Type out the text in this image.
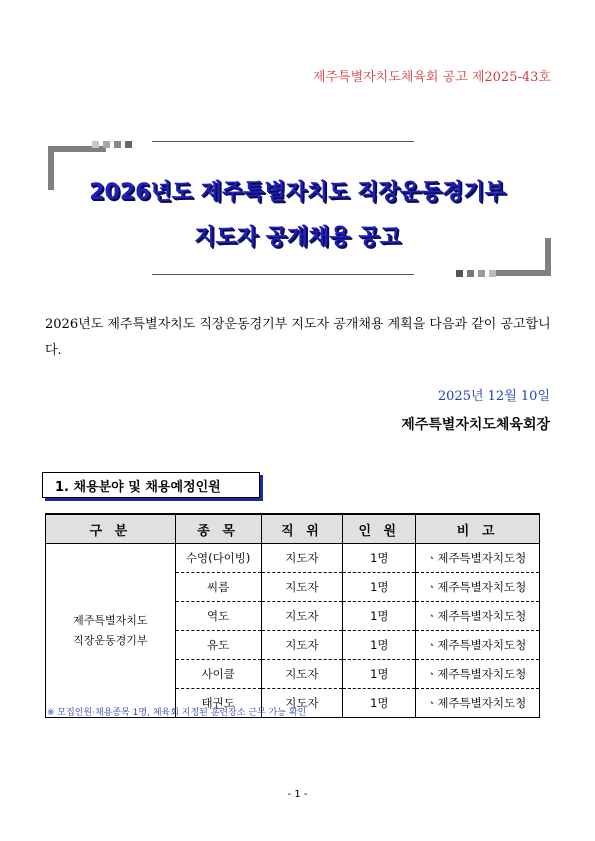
제주특별자치도체육회 공고 제2025-43호
2026년도 제주특별자치도 직장운동경기부
지도자 공개채용 공고
2026년도 제주특별자치도 직장운동경기부 지도자 공개채용 계획을 다음과 같이 공고합니다.
2025년 12월 10일
제주특별자치도체육회장
1. 채용분야 및 채용예정인원
구 분	종 목	직 위	인 원	비 고

제주특별자치도
직장운동경기부	수영(다이빙)	지도자	1명	ㆍ제주특별자치도청
	씨름	지도자	1명	ㆍ제주특별자치도청
	역도	지도자	1명	ㆍ제주특별자치도청
	유도	지도자	1명	ㆍ제주특별자치도청
	사이클	지도자	1명	ㆍ제주특별자치도청
	태권도	지도자	1명	ㆍ제주특별자치도청
※ 모집인원·채용종목 1명, 체육회 지정된 훈련장소 근무 가능 확인
- 1 -
